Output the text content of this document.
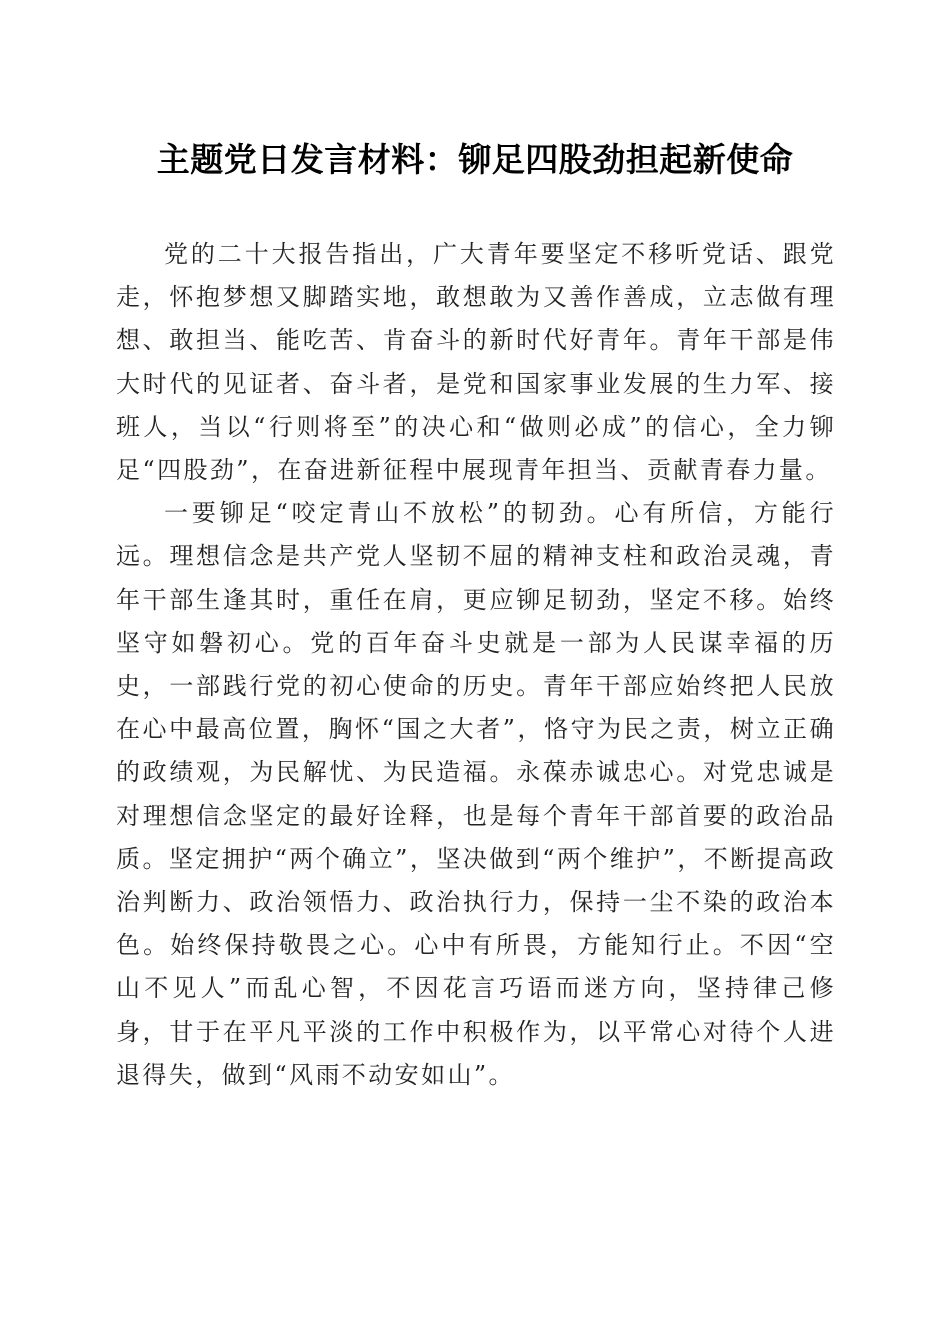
主题党日发言材料：铆足四股劲担起新使命

党的二十大报告指出，广大青年要坚定不移听党话、跟党走，怀抱梦想又脚踏实地，敢想敢为又善作善成，立志做有理想、敢担当、能吃苦、肯奋斗的新时代好青年。青年干部是伟大时代的见证者、奋斗者，是党和国家事业发展的生力军、接班人，当以“行则将至”的决心和“做则必成”的信心，全力铆足“四股劲”，在奋进新征程中展现青年担当、贡献青春力量。

一要铆足“咬定青山不放松”的韧劲。心有所信，方能行远。理想信念是共产党人坚韧不屈的精神支柱和政治灵魂，青年干部生逢其时，重任在肩，更应铆足韧劲，坚定不移。始终坚守如磐初心。党的百年奋斗史就是一部为人民谋幸福的历史，一部践行党的初心使命的历史。青年干部应始终把人民放在心中最高位置，胸怀“国之大者”，恪守为民之责，树立正确的政绩观，为民解忧、为民造福。永葆赤诚忠心。对党忠诚是对理想信念坚定的最好诠释，也是每个青年干部首要的政治品质。坚定拥护“两个确立”，坚决做到“两个维护”，不断提高政治判断力、政治领悟力、政治执行力，保持一尘不染的政治本色。始终保持敬畏之心。心中有所畏，方能知行止。不因“空山不见人”而乱心智，不因花言巧语而迷方向，坚持律己修身，甘于在平凡平淡的工作中积极作为，以平常心对待个人进退得失，做到“风雨不动安如山”。
